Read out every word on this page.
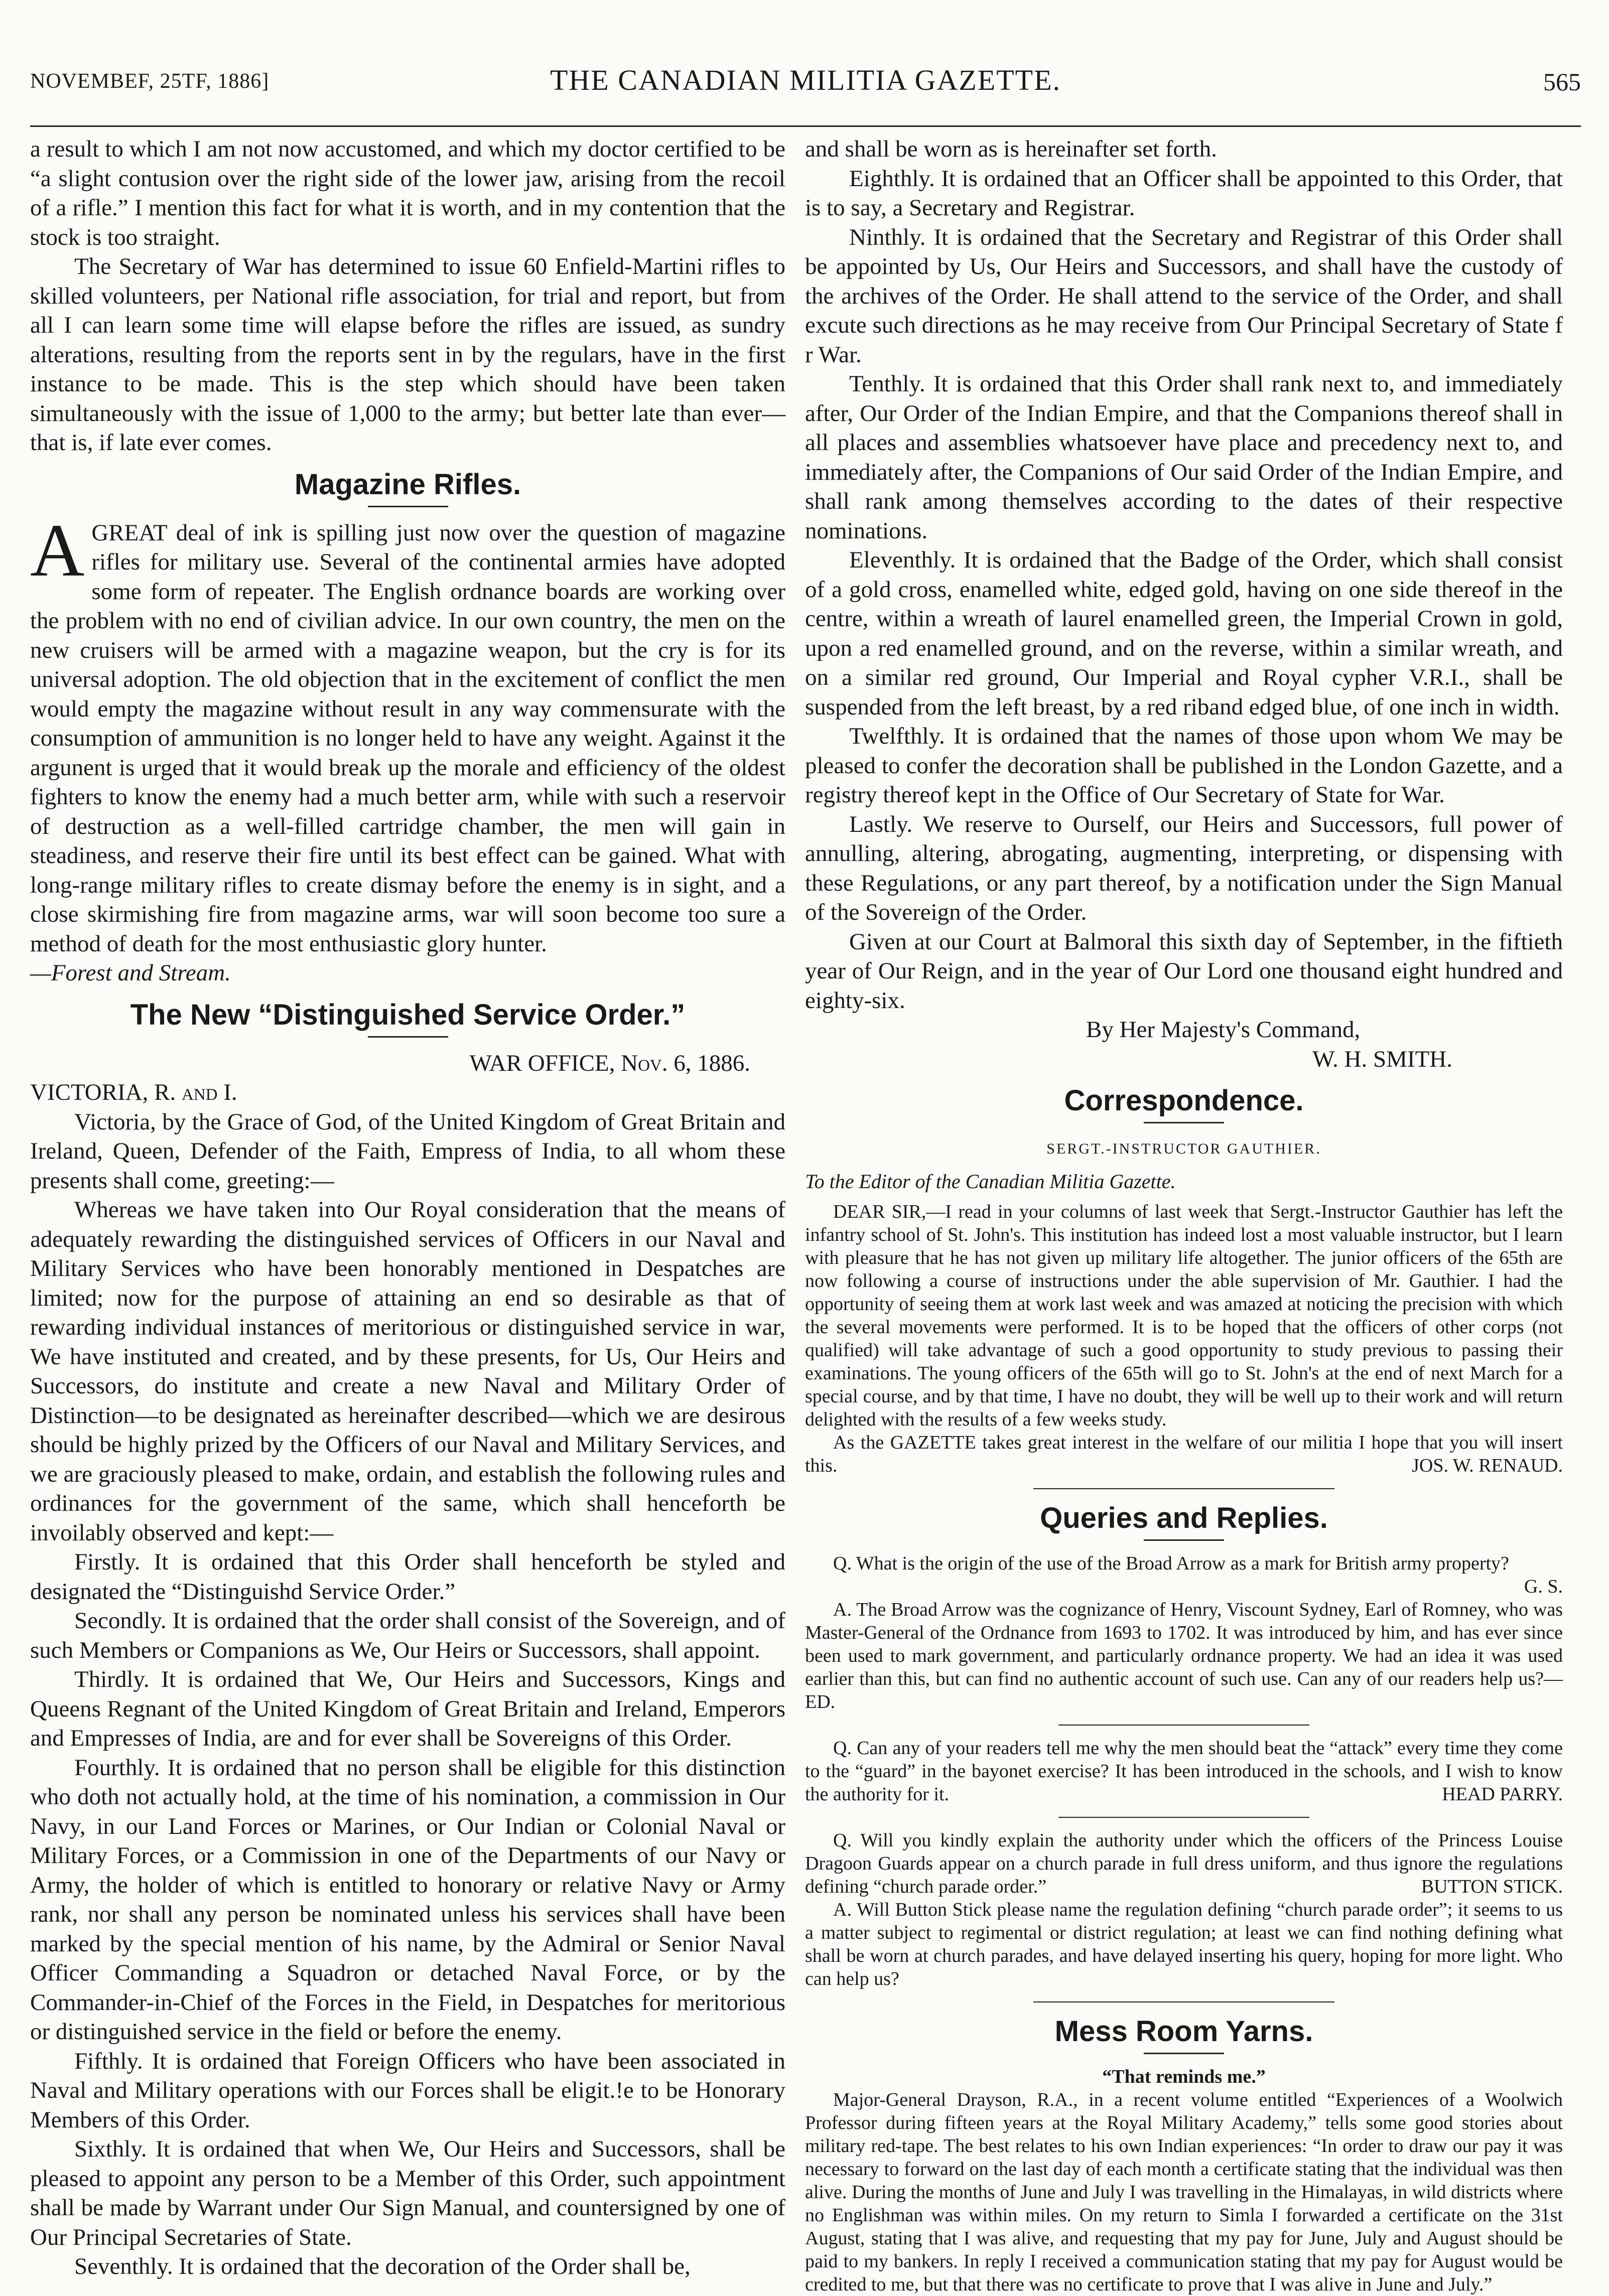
NOVEMBEF, 25TF, 1886]	THE CANADIAN MILITIA GAZETTE.	565

a result to which I am not now accustomed, and which my doctor certified to be “a slight contusion over the right side of the lower jaw, arising from the recoil of a rifle.” I mention this fact for what it is worth, and in my contention that the stock is too straight.

The Secretary of War has determined to issue 60 Enfield-Martini rifles to skilled volunteers, per National rifle association, for trial and report, but from all I can learn some time will elapse before the rifles are issued, as sundry alterations, resulting from the reports sent in by the regulars, have in the first instance to be made. This is the step which should have been taken simultaneously with the issue of 1,000 to the army; but better late than ever—that is, if late ever comes.

Magazine Rifles.
A GREAT deal of ink is spilling just now over the question of magazine rifles for military use. Several of the continental armies have adopted some form of repeater. The English ordnance boards are working over the problem with no end of civilian advice. In our own country, the men on the new cruisers will be armed with a magazine weapon, but the cry is for its universal adoption. The old objection that in the excitement of conflict the men would empty the magazine without result in any way commensurate with the consumption of ammunition is no longer held to have any weight. Against it the argunent is urged that it would break up the morale and efficiency of the oldest fighters to know the enemy had a much better arm, while with such a reservoir of destruction as a well-filled cartridge chamber, the men will gain in steadiness, and reserve their fire until its best effect can be gained. What with long-range military rifles to create dismay before the enemy is in sight, and a close skirmishing fire from magazine arms, war will soon become too sure a method of death for the most enthusiastic glory hunter.

—Forest and Stream.

The New “Distinguished Service Order.”

WAR OFFICE, Nov. 6, 1886.

VICTORIA, R. and I.

Victoria, by the Grace of God, of the United Kingdom of Great Britain and Ireland, Queen, Defender of the Faith, Empress of India, to all whom these presents shall come, greeting:—

Whereas we have taken into Our Royal consideration that the means of adequately rewarding the distinguished services of Officers in our Naval and Military Services who have been honorably mentioned in Despatches are limited; now for the purpose of attaining an end so desirable as that of rewarding individual instances of meritorious or distinguished service in war, We have instituted and created, and by these presents, for Us, Our Heirs and Successors, do institute and create a new Naval and Military Order of Distinction—to be designated as hereinafter described—which we are desirous should be highly prized by the Officers of our Naval and Military Services, and we are graciously pleased to make, ordain, and establish the following rules and ordinances for the government of the same, which shall henceforth be invoilably observed and kept:—

Firstly. It is ordained that this Order shall henceforth be styled and designated the “Distinguishd Service Order.”

Secondly. It is ordained that the order shall consist of the Sovereign, and of such Members or Companions as We, Our Heirs or Successors, shall appoint.

Thirdly. It is ordained that We, Our Heirs and Successors, Kings and Queens Regnant of the United Kingdom of Great Britain and Ireland, Emperors and Empresses of India, are and for ever shall be Sovereigns of this Order.

Fourthly. It is ordained that no person shall be eligible for this distinction who doth not actually hold, at the time of his nomination, a commission in Our Navy, in our Land Forces or Marines, or Our Indian or Colonial Naval or Military Forces, or a Commission in one of the Departments of our Navy or Army, the holder of which is entitled to honorary or relative Navy or Army rank, nor shall any person be nominated unless his services shall have been marked by the special mention of his name, by the Admiral or Senior Naval Officer Commanding a Squadron or detached Naval Force, or by the Commander-in-Chief of the Forces in the Field, in Despatches for meritorious or distinguished service in the field or before the enemy.

Fifthly. It is ordained that Foreign Officers who have been associated in Naval and Military operations with our Forces shall be eligit.!e to be Honorary Members of this Order.

Sixthly. It is ordained that when We, Our Heirs and Successors, shall be pleased to appoint any person to be a Member of this Order, such appointment shall be made by Warrant under Our Sign Manual, and countersigned by one of Our Principal Secretaries of State.

Seventhly. It is ordained that the decoration of the Order shall be,

and shall be worn as is hereinafter set forth.

Eighthly. It is ordained that an Officer shall be appointed to this Order, that is to say, a Secretary and Registrar.

Ninthly. It is ordained that the Secretary and Registrar of this Order shall be appointed by Us, Our Heirs and Successors, and shall have the custody of the archives of the Order. He shall attend to the service of the Order, and shall excute such directions as he may receive from Our Principal Secretary of State f r War.

Tenthly. It is ordained that this Order shall rank next to, and immediately after, Our Order of the Indian Empire, and that the Companions thereof shall in all places and assemblies whatsoever have place and precedency next to, and immediately after, the Companions of Our said Order of the Indian Empire, and shall rank among themselves according to the dates of their respective nominations.

Eleventhly. It is ordained that the Badge of the Order, which shall consist of a gold cross, enamelled white, edged gold, having on one side thereof in the centre, within a wreath of laurel enamelled green, the Imperial Crown in gold, upon a red enamelled ground, and on the reverse, within a similar wreath, and on a similar red ground, Our Imperial and Royal cypher V.R.I., shall be suspended from the left breast, by a red riband edged blue, of one inch in width.

Twelfthly. It is ordained that the names of those upon whom We may be pleased to confer the decoration shall be published in the London Gazette, and a registry thereof kept in the Office of Our Secretary of State for War.

Lastly. We reserve to Ourself, our Heirs and Successors, full power of annulling, altering, abrogating, augmenting, interpreting, or dispensing with these Regulations, or any part thereof, by a notification under the Sign Manual of the Sovereign of the Order.

Given at our Court at Balmoral this sixth day of September, in the fiftieth year of Our Reign, and in the year of Our Lord one thousand eight hundred and eighty-six.

By Her Majesty's Command,

W. H. SMITH.

Correspondence.
SERGT.-INSTRUCTOR GAUTHIER.
To the Editor of the Canadian Militia Gazette.

DEAR SIR,—I read in your columns of last week that Sergt.-Instructor Gauthier has left the infantry school of St. John's. This institution has indeed lost a most valuable instructor, but I learn with pleasure that he has not given up military life altogether. The junior officers of the 65th are now following a course of instructions under the able supervision of Mr. Gauthier. I had the opportunity of seeing them at work last week and was amazed at noticing the precision with which the several movements were performed. It is to be hoped that the officers of other corps (not qualified) will take advantage of such a good opportunity to study previous to passing their examinations. The young officers of the 65th will go to St. John's at the end of next March for a special course, and by that time, I have no doubt, they will be well up to their work and will return delighted with the results of a few weeks study.

As the GAZETTE takes great interest in the welfare of our militia I hope that you will insert this.	JOS. W. RENAUD.

Queries and Replies.

Q. What is the origin of the use of the Broad Arrow as a mark for British army property?
G. S.

A. The Broad Arrow was the cognizance of Henry, Viscount Sydney, Earl of Romney, who was Master-General of the Ordnance from 1693 to 1702. It was introduced by him, and has ever since been used to mark government, and particularly ordnance property. We had an idea it was used earlier than this, but can find no authentic account of such use. Can any of our readers help us?—ED.

Q. Can any of your readers tell me why the men should beat the “attack” every time they come to the “guard” in the bayonet exercise? It has been introduced in the schools, and I wish to know the authority for it.	HEAD PARRY.

Q. Will you kindly explain the authority under which the officers of the Princess Louise Dragoon Guards appear on a church parade in full dress uniform, and thus ignore the regulations defining “church parade order.”	BUTTON STICK.

A. Will Button Stick please name the regulation defining “church parade order”; it seems to us a matter subject to regimental or district regulation; at least we can find nothing defining what shall be worn at church parades, and have delayed inserting his query, hoping for more light. Who can help us?

Mess Room Yarns.
“That reminds me.”

Major-General Drayson, R.A., in a recent volume entitled “Experiences of a Woolwich Professor during fifteen years at the Royal Military Academy,” tells some good stories about military red-tape. The best relates to his own Indian experiences: “In order to draw our pay it was necessary to forward on the last day of each month a certificate stating that the individual was then alive. During the months of June and July I was travelling in the Himalayas, in wild districts where no Englishman was within miles. On my return to Simla I forwarded a certificate on the 31st August, stating that I was alive, and requesting that my pay for June, July and August should be paid to my bankers. In reply I received a communication stating that my pay for August would be credited to me, but that there was no certificate to prove that I was alive in June and July.”
